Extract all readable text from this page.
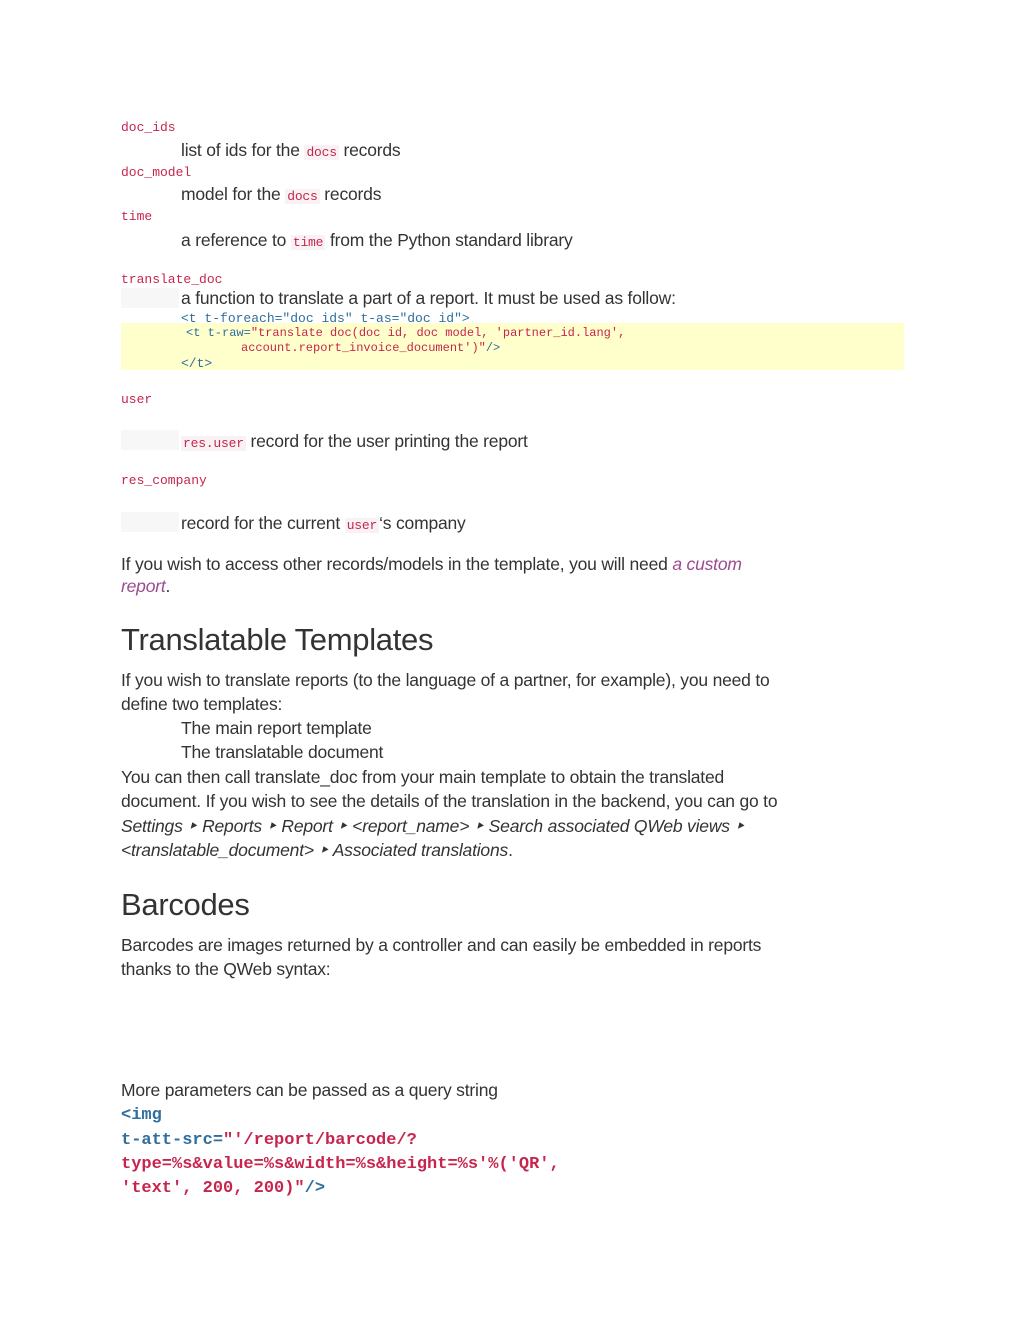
doc_ids
list of ids for the docs records
doc_model
model for the docs records
time
a reference to time from the Python standard library
translate_doc
a function to translate a part of a report. It must be used as follow:
<t t-foreach="doc ids" t-as="doc id">
<t t-raw="translate doc(doc id, doc model, 'partner_id.lang',
account.report_invoice_document')"/>
</t>
user
res.user record for the user printing the report
res_company
record for the current user ‘s company
If you wish to access other records/models in the template, you will need a custom
report.
Translatable Templates
If you wish to translate reports (to the language of a partner, for example), you need to
define two templates:
The main report template
The translatable document
You can then call translate_doc from your main template to obtain the translated
document. If you wish to see the details of the translation in the backend, you can go to
Settings ‣ Reports ‣ Report ‣ <report_name> ‣ Search associated QWeb views ‣
<translatable_document> ‣ Associated translations.
Barcodes
Barcodes are images returned by a controller and can easily be embedded in reports
thanks to the QWeb syntax:
More parameters can be passed as a query string
<img
t-att-src="'/report/barcode/?
type=%s&value=%s&width=%s&height=%s'%('QR',
'text', 200, 200)"/>
